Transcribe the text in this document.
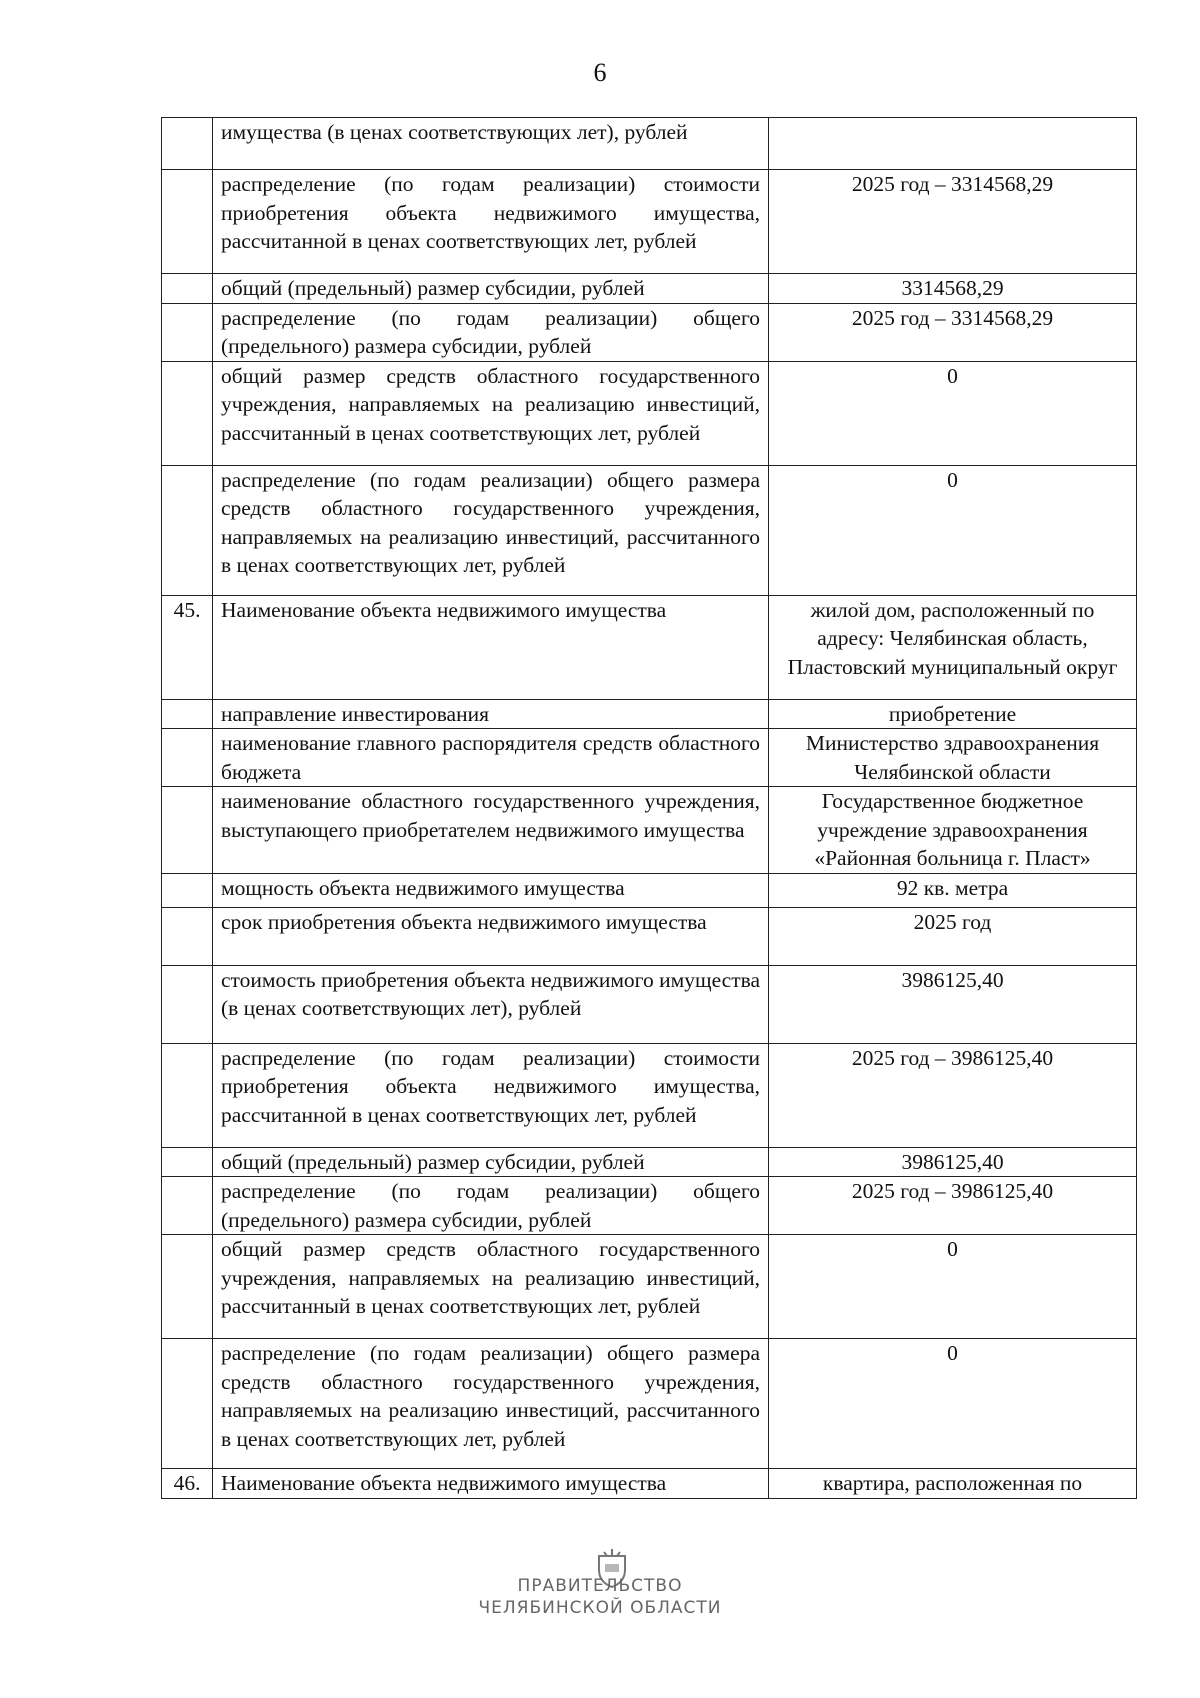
6
	имущества (в ценах соответствующих лет), рублей	
	распределение (по годам реализации) стоимости приобретения объекта недвижимого имущества, рассчитанной в ценах соответствующих лет, рублей	2025 год – 3314568,29
	общий (предельный) размер субсидии, рублей	3314568,29
	распределение (по годам реализации) общего (предельного) размера субсидии, рублей	2025 год – 3314568,29
	общий размер средств областного государственного учреждения, направляемых на реализацию инвестиций, рассчитанный в ценах соответствующих лет, рублей	0
	распределение (по годам реализации) общего размера средств областного государственного учреждения, направляемых на реализацию инвестиций, рассчитанного в ценах соответствующих лет, рублей	0
45.	Наименование объекта недвижимого имущества	жилой дом, расположенный по адресу: Челябинская область, Пластовский муниципальный округ
	направление инвестирования	приобретение
	наименование главного распорядителя средств областного бюджета	Министерство здравоохранения Челябинской области
	наименование областного государственного учреждения, выступающего приобретателем недвижимого имущества	Государственное бюджетное учреждение здравоохранения «Районная больница г. Пласт»
	мощность объекта недвижимого имущества	92 кв. метра
	срок приобретения объекта недвижимого имущества	2025 год
	стоимость приобретения объекта недвижимого имущества (в ценах соответствующих лет), рублей	3986125,40
	распределение (по годам реализации) стоимости приобретения объекта недвижимого имущества, рассчитанной в ценах соответствующих лет, рублей	2025 год – 3986125,40
	общий (предельный) размер субсидии, рублей	3986125,40
	распределение (по годам реализации) общего (предельного) размера субсидии, рублей	2025 год – 3986125,40
	общий размер средств областного государственного учреждения, направляемых на реализацию инвестиций, рассчитанный в ценах соответствующих лет, рублей	0
	распределение (по годам реализации) общего размера средств областного государственного учреждения, направляемых на реализацию инвестиций, рассчитанного в ценах соответствующих лет, рублей	0
46.	Наименование объекта недвижимого имущества	квартира, расположенная по
ПРАВИТЕЛЬСТВО
ЧЕЛЯБИНСКОЙ ОБЛАСТИ
